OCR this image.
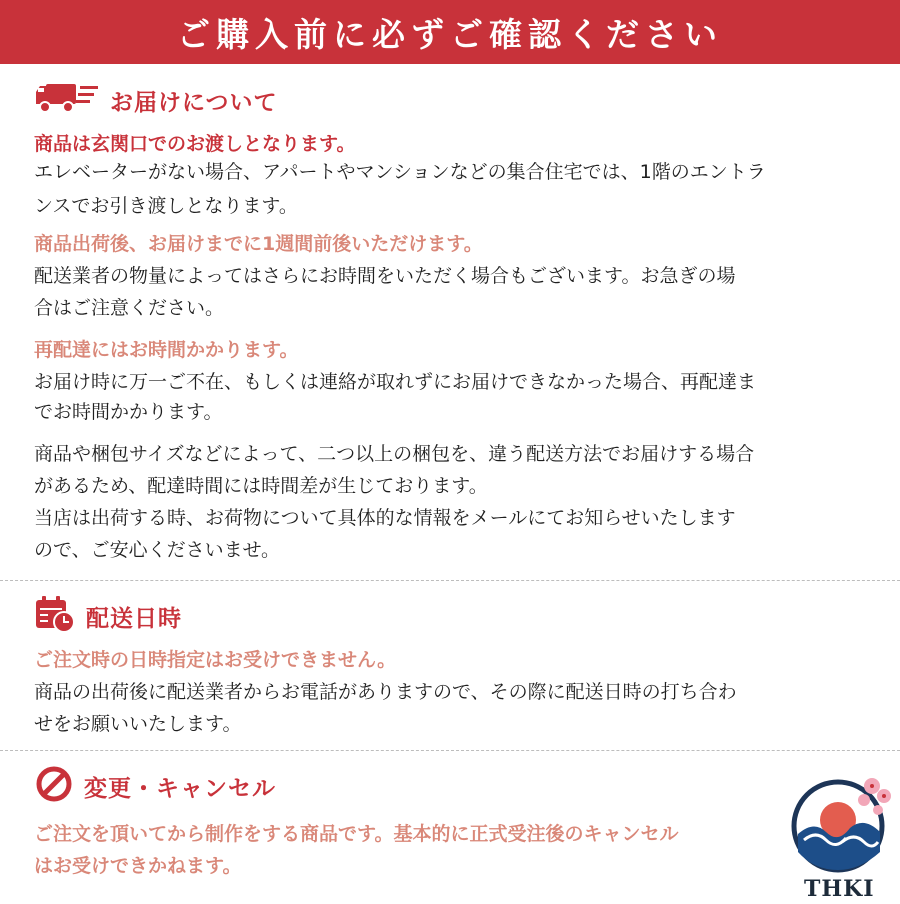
ご購入前に必ずご確認ください
お届けについて
商品は玄関口でのお渡しとなります。
エレベーターがない場合、アパートやマンションなどの集合住宅では、1階のエントラ
ンスでお引き渡しとなります。
商品出荷後、お届けまでに1週間前後いただけます。
配送業者の物量によってはさらにお時間をいただく場合もございます。お急ぎの場
合はご注意ください。
再配達にはお時間かかります。
お届け時に万一ご不在、もしくは連絡が取れずにお届けできなかった場合、再配達ま
でお時間かかります。
商品や梱包サイズなどによって、二つ以上の梱包を、違う配送方法でお届けする場合
があるため、配達時間には時間差が生じております。
当店は出荷する時、お荷物について具体的な情報をメールにてお知らせいたします
ので、ご安心くださいませ。
配送日時
ご注文時の日時指定はお受けできません。
商品の出荷後に配送業者からお電話がありますので、その際に配送日時の打ち合わ
せをお願いいたします。
変更・キャンセル
ご注文を頂いてから制作をする商品です。基本的に正式受注後のキャンセル
はお受けできかねます。
THKI
